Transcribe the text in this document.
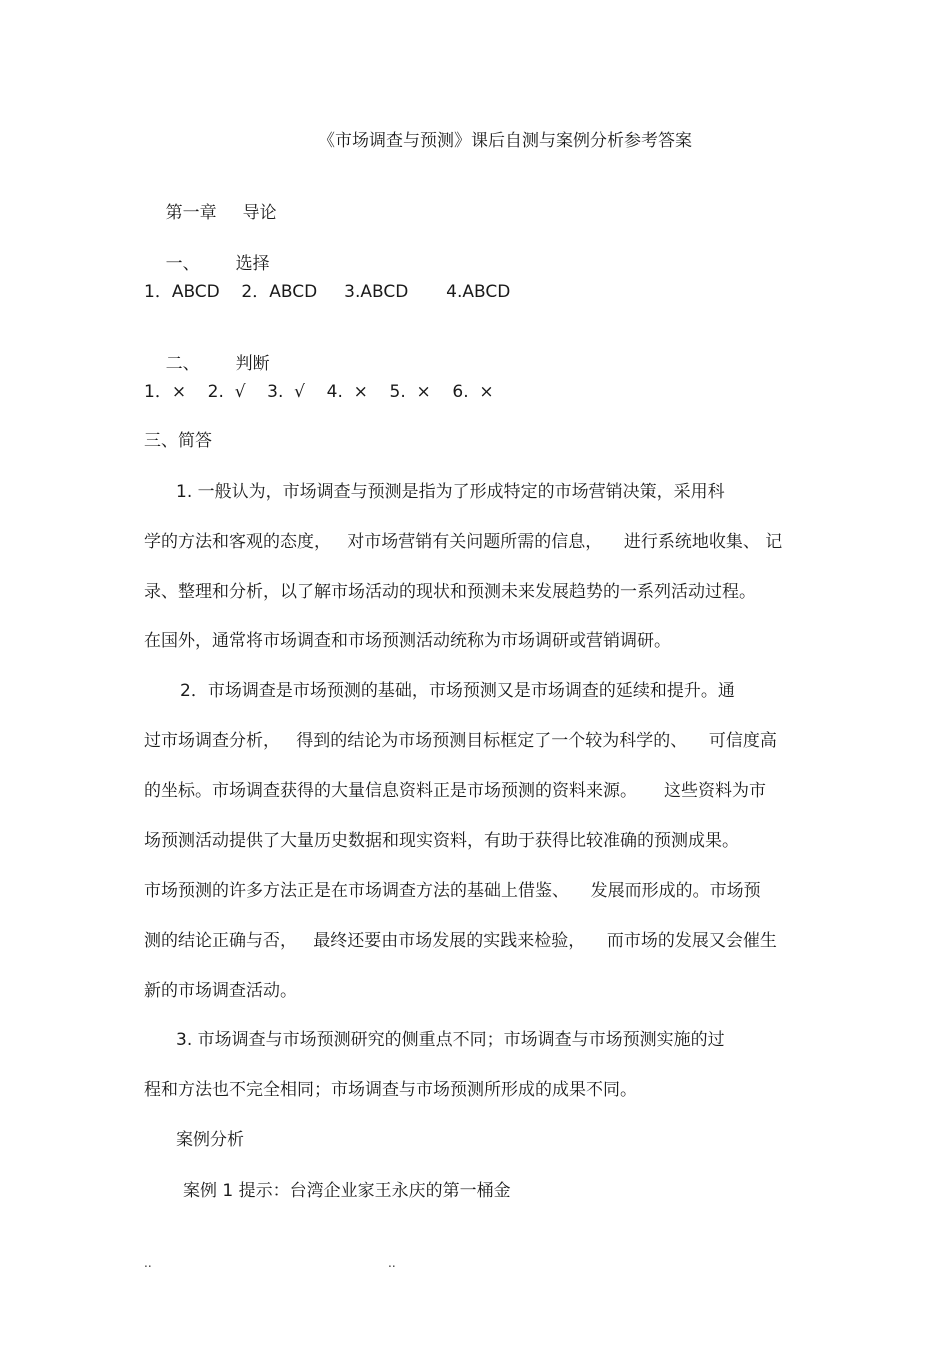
《市场调查与预测》课后自测与案例分析参考答案

第一章 导论

一、 选择

1．ABCD    2．ABCD     3.ABCD       4.ABCD

二、 判断

1．×    2.  √    3.  √    4.  ×    5.  ×    6.  ×
三、简答
1. 一般认为，市场调查与预测是指为了形成特定的市场营销决策，采用科
学的方法和客观的态度，   对市场营销有关问题所需的信息，    进行系统地收集、 记
录、整理和分析，以了解市场活动的现状和预测未来发展趋势的一系列活动过程。
在国外，通常将市场调查和市场预测活动统称为市场调研或营销调研。
2．市场调查是市场预测的基础，市场预测又是市场调查的延续和提升。通
过市场调查分析，   得到的结论为市场预测目标框定了一个较为科学的、    可信度高
的坐标。市场调查获得的大量信息资料正是市场预测的资料来源。     这些资料为市
场预测活动提供了大量历史数据和现实资料，有助于获得比较准确的预测成果。
市场预测的许多方法正是在市场调查方法的基础上借鉴、    发展而形成的。市场预
测的结论正确与否，   最终还要由市场发展的实践来检验，    而市场的发展又会催生
新的市场调查活动。
3. 市场调查与市场预测研究的侧重点不同；市场调查与市场预测实施的过
程和方法也不完全相同；市场调查与市场预测所形成的成果不同。
案例分析
案例 1 提示：台湾企业家王永庆的第一桶金
..	..
